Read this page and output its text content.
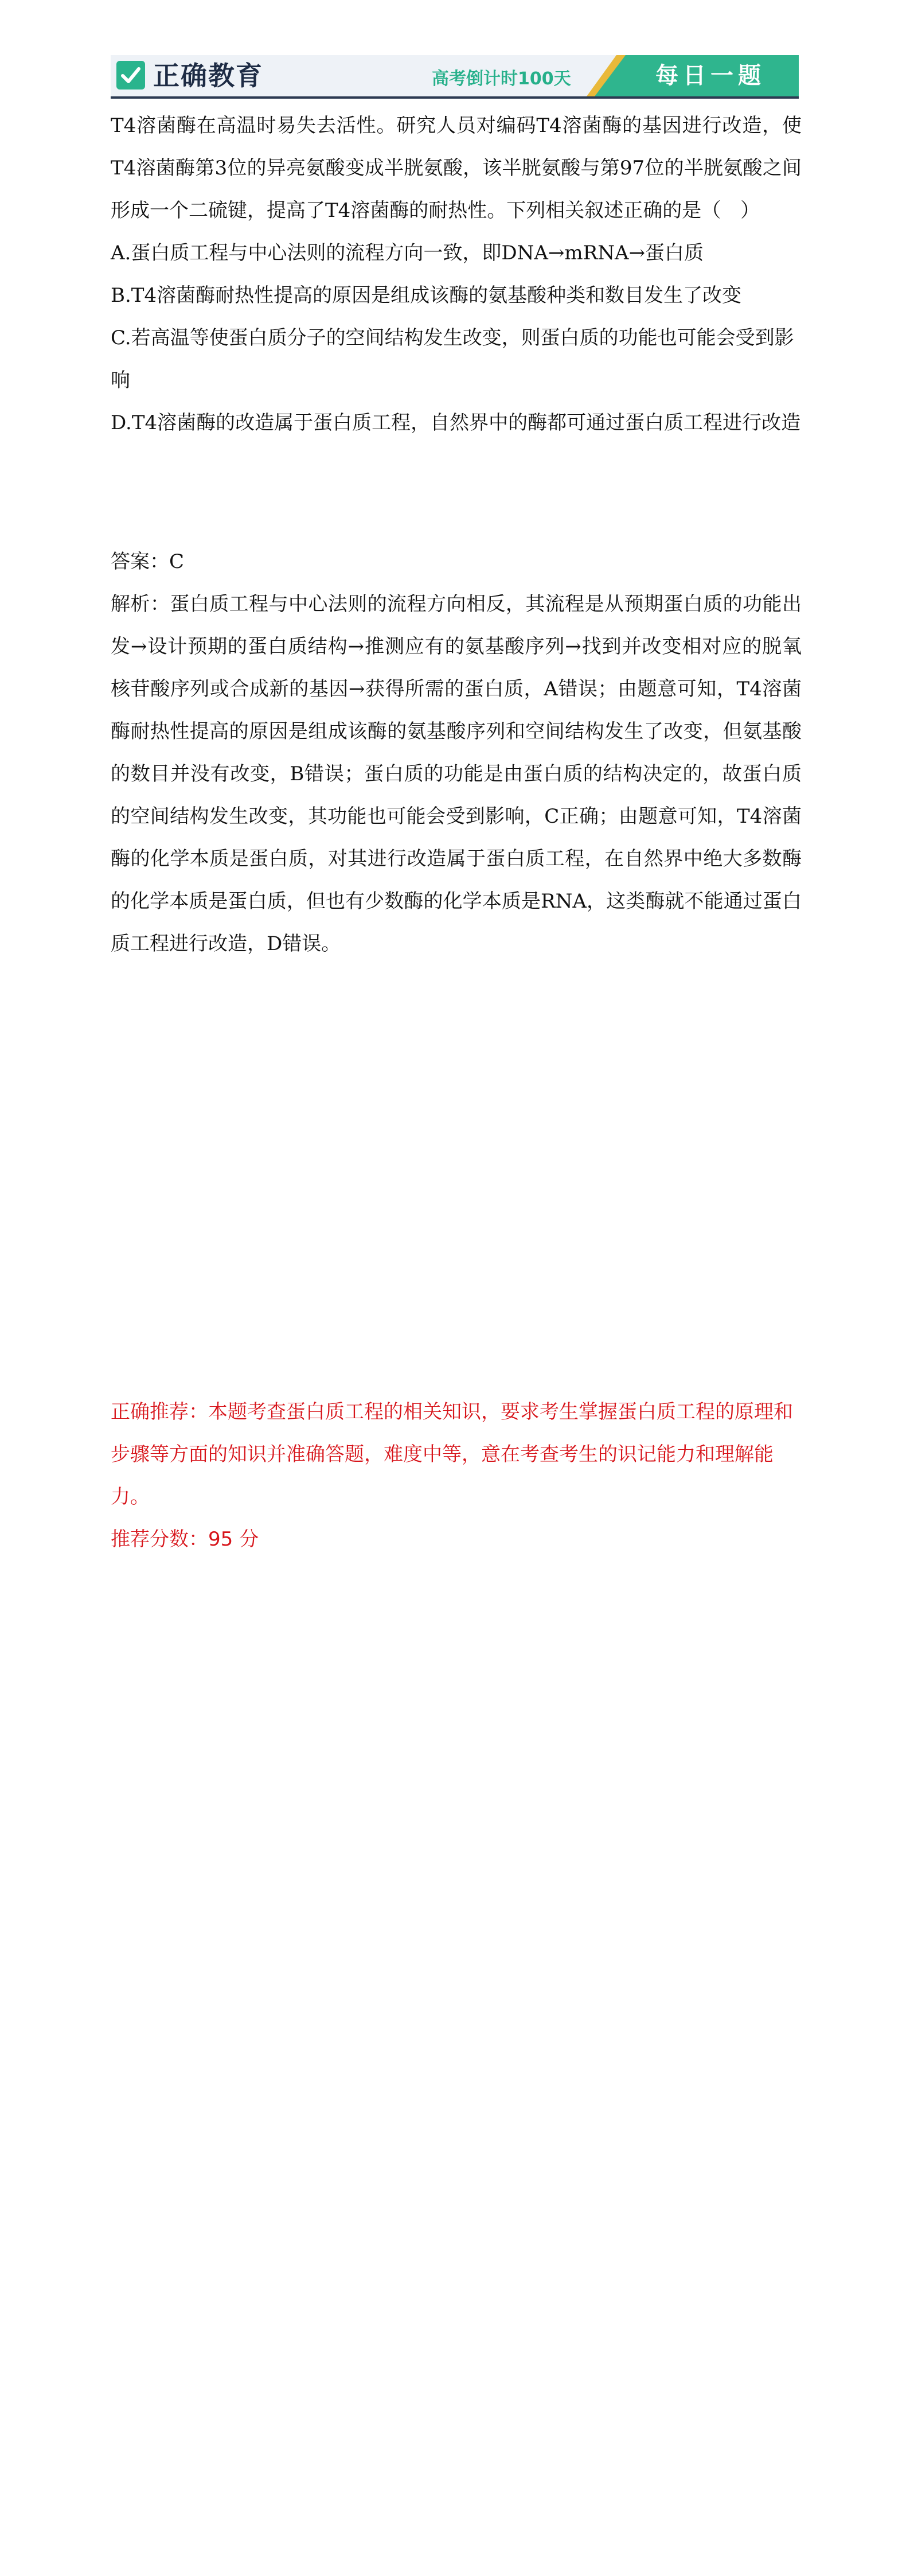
正确教育	高考倒计时100天	每日一题

T4溶菌酶在高温时易失去活性。研究人员对编码T4溶菌酶的基因进行改造，使T4溶菌酶第3位的异亮氨酸变成半胱氨酸，该半胱氨酸与第97位的半胱氨酸之间形成一个二硫键，提高了T4溶菌酶的耐热性。下列相关叙述正确的是（　）

A.蛋白质工程与中心法则的流程方向一致，即DNA→mRNA→蛋白质

B.T4溶菌酶耐热性提高的原因是组成该酶的氨基酸种类和数目发生了改变

C.若高温等使蛋白质分子的空间结构发生改变，则蛋白质的功能也可能会受到影响

D.T4溶菌酶的改造属于蛋白质工程，自然界中的酶都可通过蛋白质工程进行改造

答案：C

解析：蛋白质工程与中心法则的流程方向相反，其流程是从预期蛋白质的功能出发→设计预期的蛋白质结构→推测应有的氨基酸序列→找到并改变相对应的脱氧核苷酸序列或合成新的基因→获得所需的蛋白质，A错误；由题意可知，T4溶菌酶耐热性提高的原因是组成该酶的氨基酸序列和空间结构发生了改变，但氨基酸的数目并没有改变，B错误；蛋白质的功能是由蛋白质的结构决定的，故蛋白质的空间结构发生改变，其功能也可能会受到影响，C正确；由题意可知，T4溶菌酶的化学本质是蛋白质，对其进行改造属于蛋白质工程，在自然界中绝大多数酶的化学本质是蛋白质，但也有少数酶的化学本质是RNA，这类酶就不能通过蛋白质工程进行改造，D错误。

正确推荐：本题考查蛋白质工程的相关知识，要求考生掌握蛋白质工程的原理和步骤等方面的知识并准确答题，难度中等，意在考查考生的识记能力和理解能力。

推荐分数：95 分
